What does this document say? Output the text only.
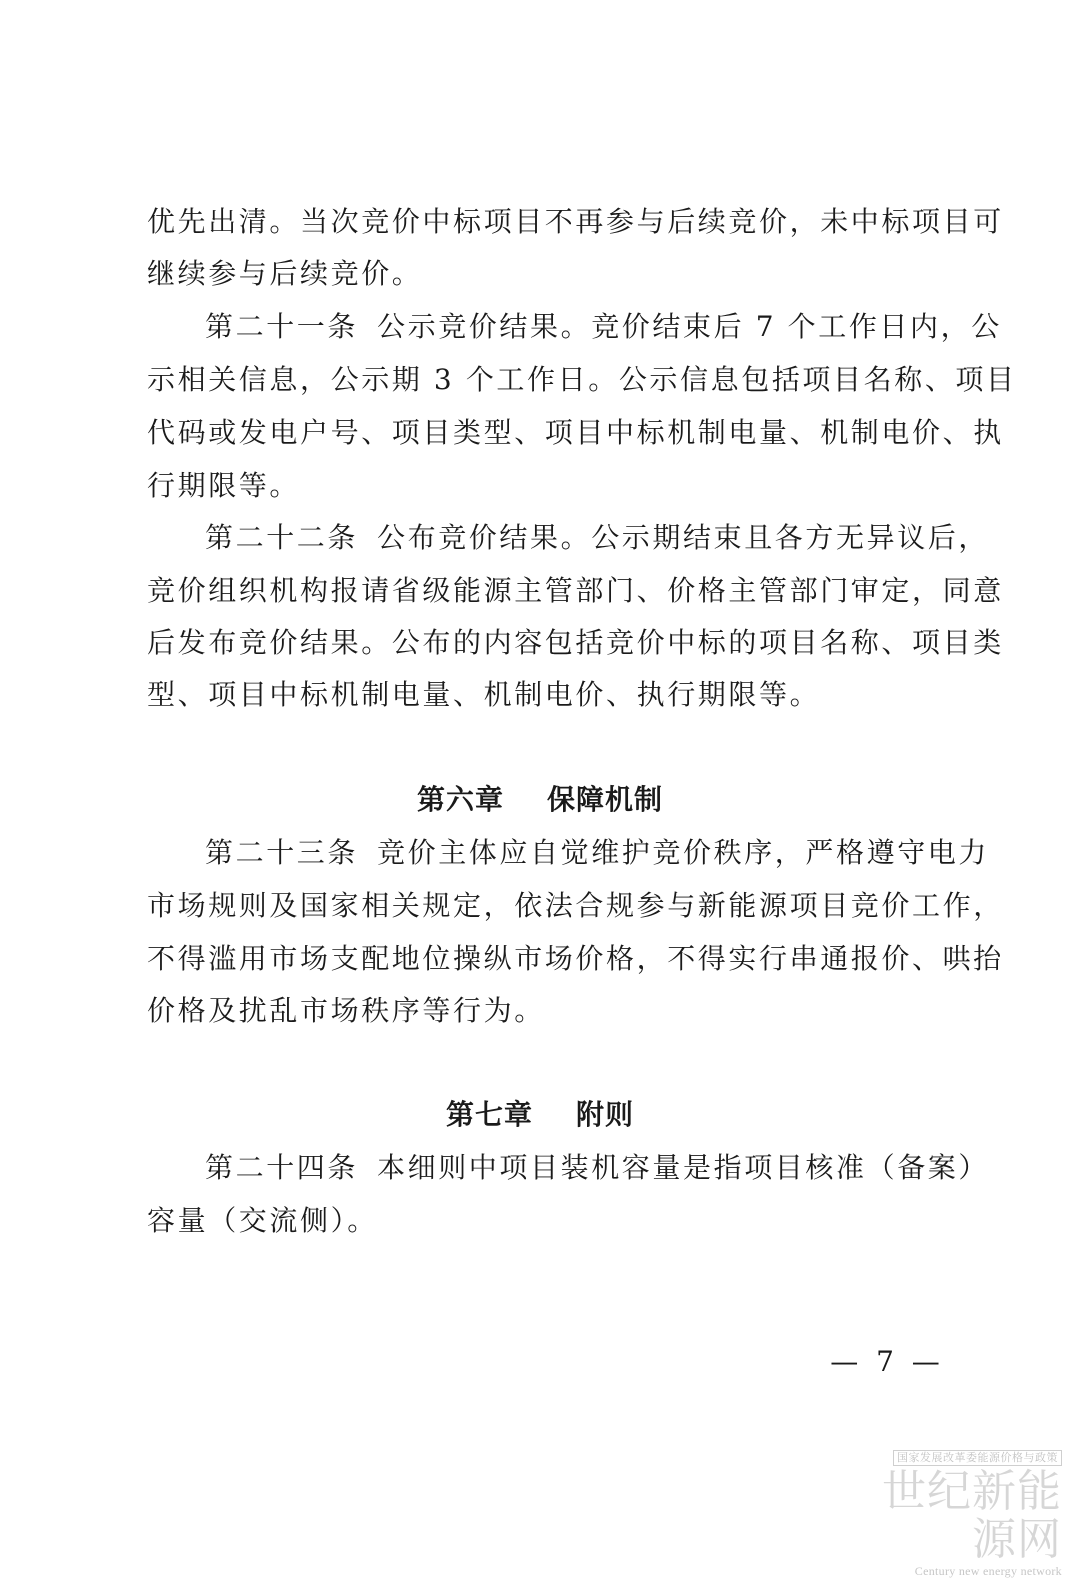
优先出清。当次竞价中标项目不再参与后续竞价，未中标项目可
继续参与后续竞价。
第二十一条 公示竞价结果。竞价结束后 7 个工作日内，公
示相关信息，公示期 3 个工作日。公示信息包括项目名称、项目
代码或发电户号、项目类型、项目中标机制电量、机制电价、执
行期限等。
第二十二条 公布竞价结果。公示期结束且各方无异议后，
竞价组织机构报请省级能源主管部门、价格主管部门审定，同意
后发布竞价结果。公布的内容包括竞价中标的项目名称、项目类
型、项目中标机制电量、机制电价、执行期限等。
第六章    保障机制
第二十三条 竞价主体应自觉维护竞价秩序，严格遵守电力
市场规则及国家相关规定，依法合规参与新能源项目竞价工作，
不得滥用市场支配地位操纵市场价格，不得实行串通报价、哄抬
价格及扰乱市场秩序等行为。
第七章    附则
第二十四条 本细则中项目装机容量是指项目核准（备案）
容量（交流侧）。
—  7  —
国家发展改革委能源价格与政策
世纪新能源网
Century new energy network
